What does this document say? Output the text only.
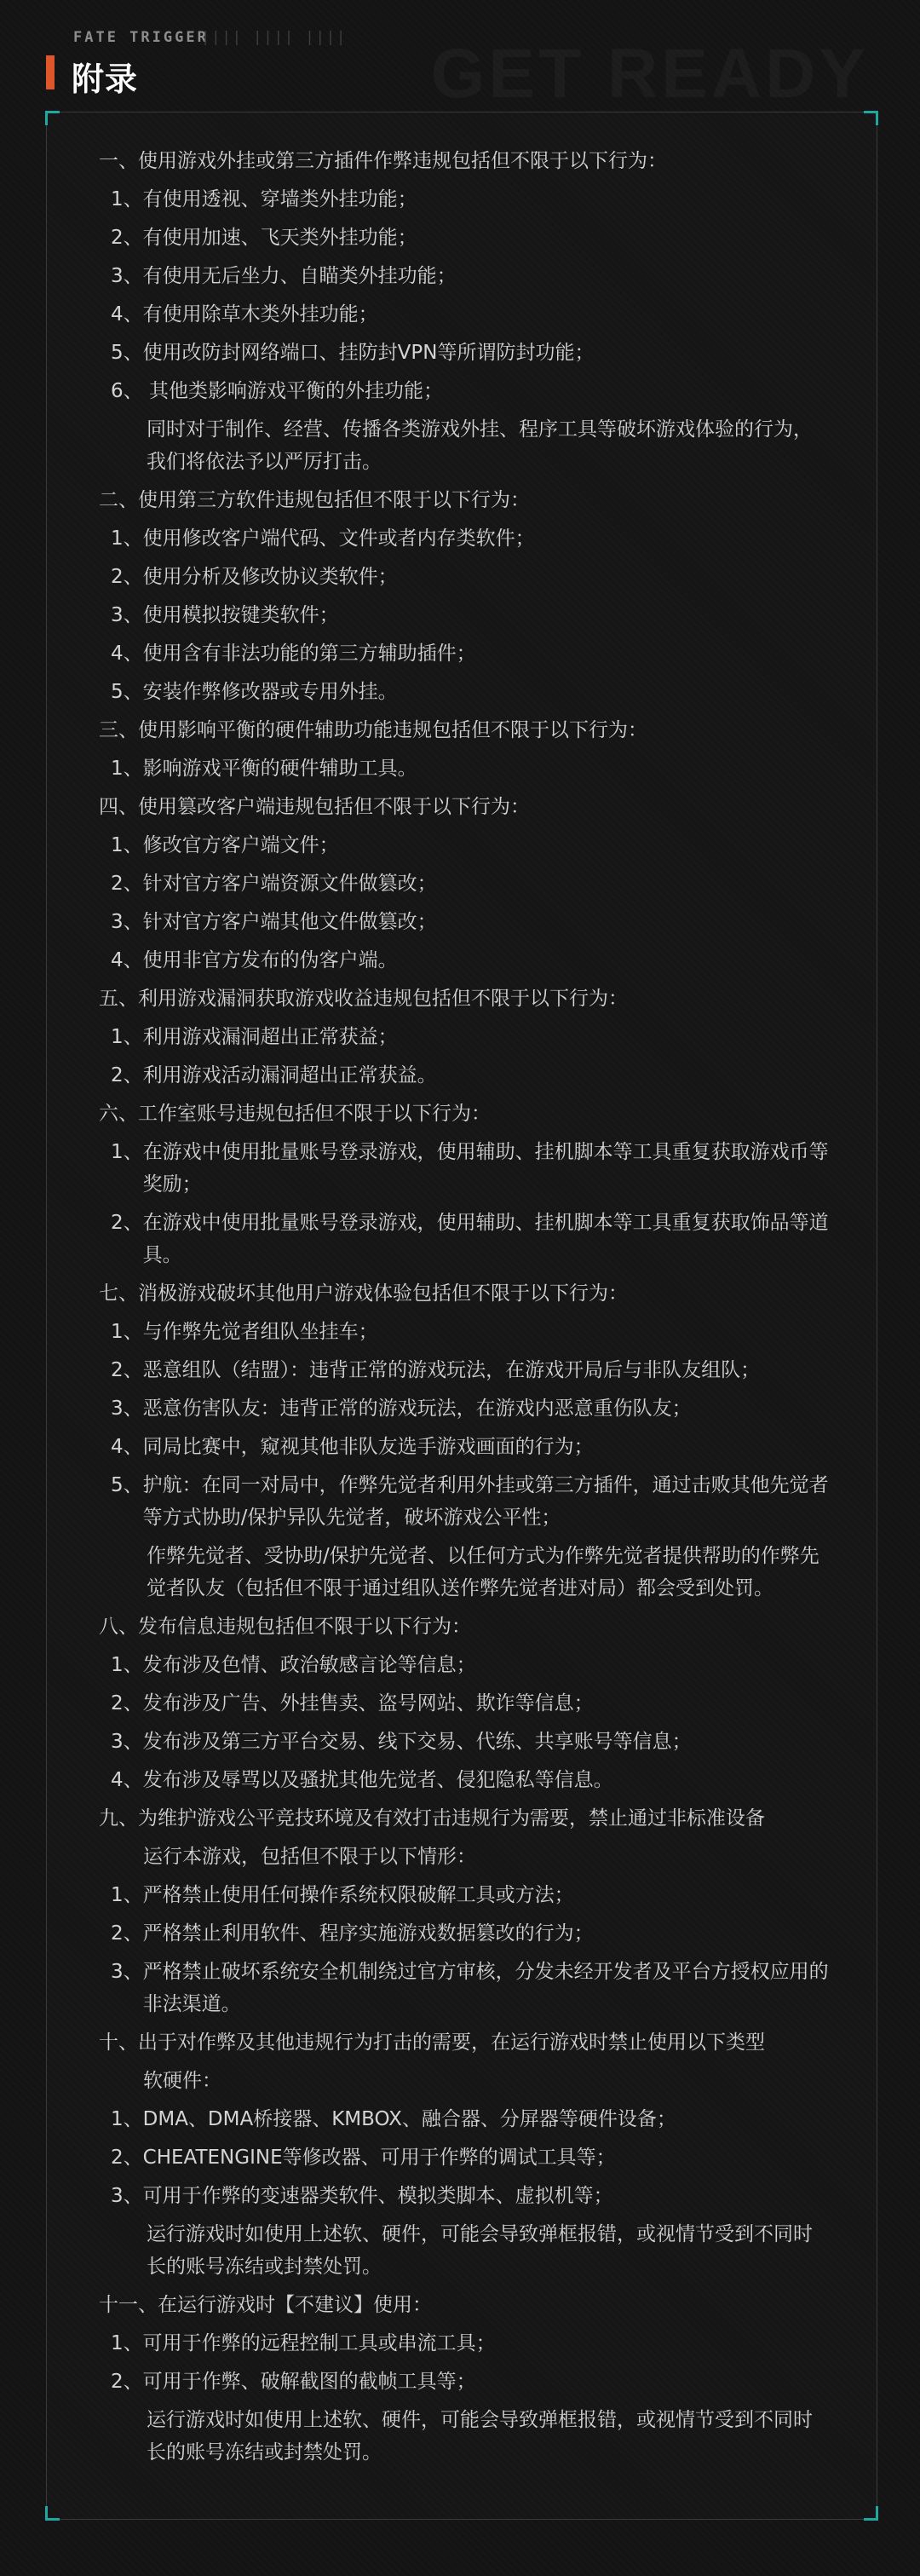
FATE TRIGGER
|||| |||| ||||
附录
一、使用游戏外挂或第三方插件作弊违规包括但不限于以下行为：
1、 有使用透视、穿墙类外挂功能；
2、 有使用加速、飞天类外挂功能；
3、 有使用无后坐力、自瞄类外挂功能；
4、 有使用除草木类外挂功能；
5、 使用改防封网络端口、挂防封VPN等所谓防封功能；
6、 其他类影响游戏平衡的外挂功能；
同时对于制作、经营、传播各类游戏外挂、程序工具等破坏游戏体验的行为，我们将依法予以严厉打击。
二、使用第三方软件违规包括但不限于以下行为：
1、 使用修改客户端代码、文件或者内存类软件；
2、 使用分析及修改协议类软件；
3、 使用模拟按键类软件；
4、 使用含有非法功能的第三方辅助插件；
5、 安装作弊修改器或专用外挂。
三、使用影响平衡的硬件辅助功能违规包括但不限于以下行为：
1、 影响游戏平衡的硬件辅助工具。
四、使用篡改客户端违规包括但不限于以下行为：
1、 修改官方客户端文件；
2、 针对官方客户端资源文件做篡改；
3、 针对官方客户端其他文件做篡改；
4、 使用非官方发布的伪客户端。
五、利用游戏漏洞获取游戏收益违规包括但不限于以下行为：
1、 利用游戏漏洞超出正常获益；
2、 利用游戏活动漏洞超出正常获益。
六、工作室账号违规包括但不限于以下行为：
1、 在游戏中使用批量账号登录游戏，使用辅助、挂机脚本等工具重复获取游戏币等奖励；
2、 在游戏中使用批量账号登录游戏，使用辅助、挂机脚本等工具重复获取饰品等道具。
七、消极游戏破坏其他用户游戏体验包括但不限于以下行为：
1、 与作弊先觉者组队坐挂车；
2、 恶意组队（结盟）：违背正常的游戏玩法，在游戏开局后与非队友组队；
3、 恶意伤害队友：违背正常的游戏玩法，在游戏内恶意重伤队友；
4、 同局比赛中，窥视其他非队友选手游戏画面的行为；
5、 护航：在同一对局中，作弊先觉者利用外挂或第三方插件，通过击败其他先觉者等方式协助/保护异队先觉者，破坏游戏公平性；
作弊先觉者、受协助/保护先觉者、以任何方式为作弊先觉者提供帮助的作弊先觉者队友（包括但不限于通过组队送作弊先觉者进对局）都会受到处罚。
八、发布信息违规包括但不限于以下行为：
1、 发布涉及色情、政治敏感言论等信息；
2、 发布涉及广告、外挂售卖、盗号网站、欺诈等信息；
3、 发布涉及第三方平台交易、线下交易、代练、共享账号等信息；
4、 发布涉及辱骂以及骚扰其他先觉者、侵犯隐私等信息。
九、为维护游戏公平竞技环境及有效打击违规行为需要，禁止通过非标准设备
运行本游戏，包括但不限于以下情形：
1、 严格禁止使用任何操作系统权限破解工具或方法；
2、 严格禁止利用软件、程序实施游戏数据篡改的行为；
3、 严格禁止破坏系统安全机制绕过官方审核，分发未经开发者及平台方授权应用的非法渠道。
十、出于对作弊及其他违规行为打击的需要，在运行游戏时禁止使用以下类型
软硬件：
1、 DMA、DMA桥接器、KMBOX、融合器、分屏器等硬件设备；
2、 CHEATENGINE等修改器、可用于作弊的调试工具等；
3、 可用于作弊的变速器类软件、模拟类脚本、虚拟机等；
运行游戏时如使用上述软、硬件，可能会导致弹框报错，或视情节受到不同时长的账号冻结或封禁处罚。
十一、在运行游戏时【不建议】使用：
1、 可用于作弊的远程控制工具或串流工具；
2、 可用于作弊、破解截图的截帧工具等；
运行游戏时如使用上述软、硬件，可能会导致弹框报错，或视情节受到不同时长的账号冻结或封禁处罚。
